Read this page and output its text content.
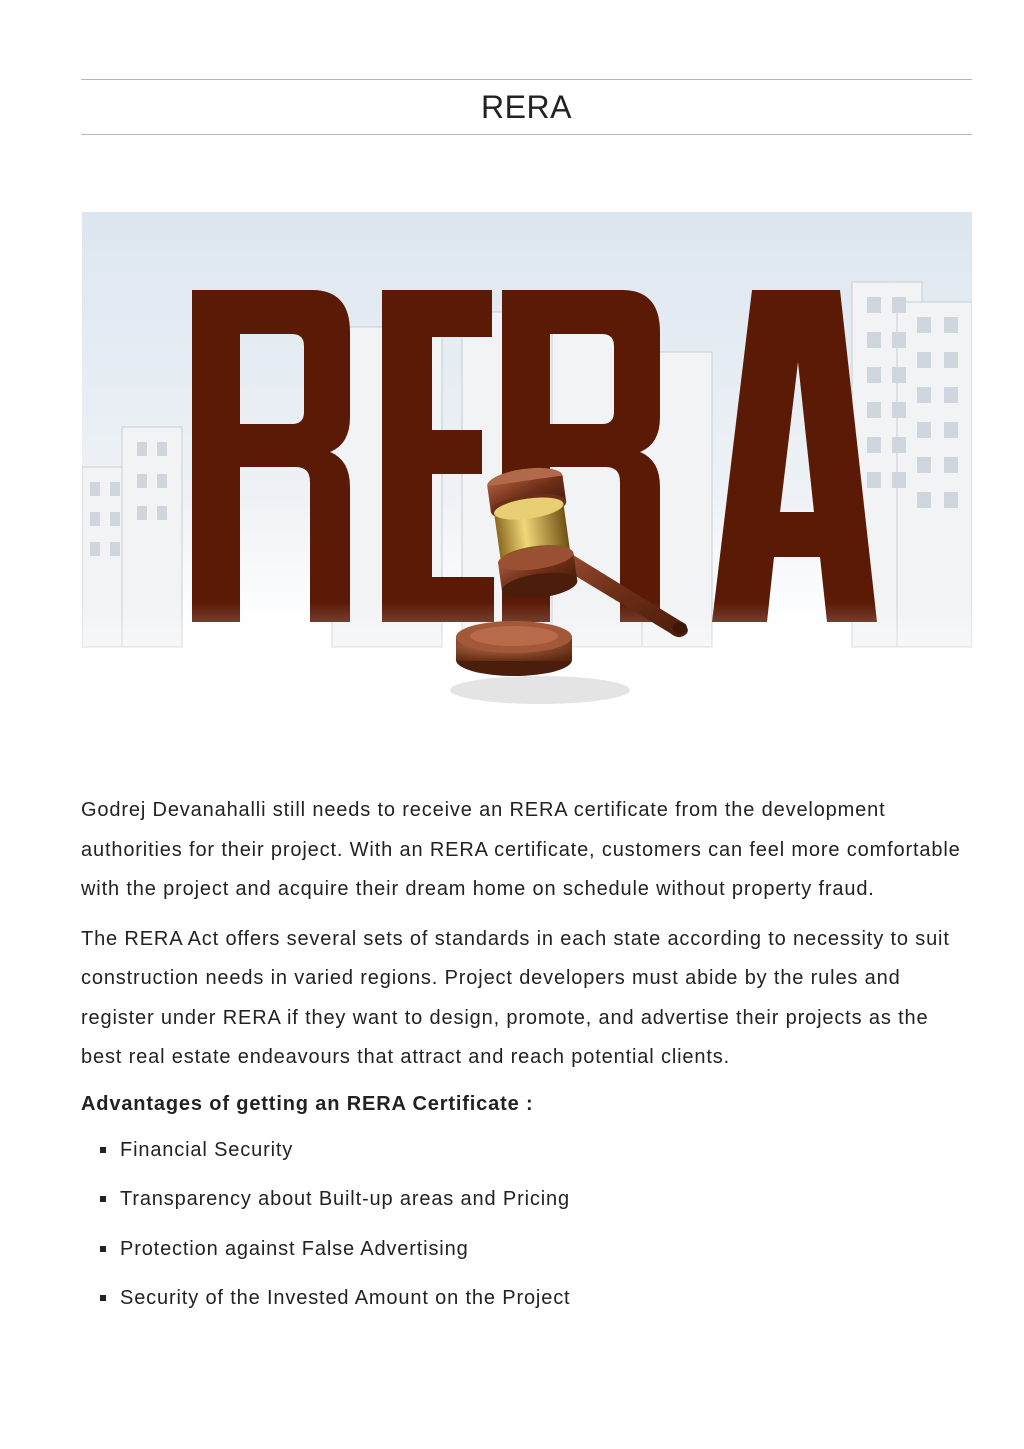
RERA

Godrej Devanahalli still needs to receive an RERA certificate from the development authorities for their project. With an RERA certificate, customers can feel more comfortable with the project and acquire their dream home on schedule without property fraud.

The RERA Act offers several sets of standards in each state according to necessity to suit construction needs in varied regions. Project developers must abide by the rules and register under RERA if they want to design, promote, and advertise their projects as the best real estate endeavours that attract and reach potential clients.

Advantages of getting an RERA Certificate :

Financial Security
Transparency about Built-up areas and Pricing
Protection against False Advertising
Security of the Invested Amount on the Project
